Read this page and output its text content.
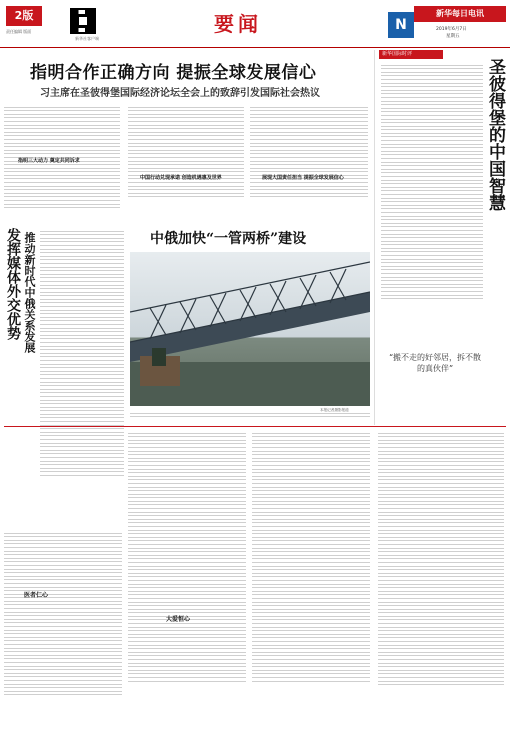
2版
责任编辑 版面
新华社客户端
要闻	N
新华每日电讯
2019年6月7日
星期五
指明合作正确方向 提振全球发展信心
习主席在圣彼得堡国际经济论坛全会上的致辞引发国际社会热议
新华国际时评
圣彼得堡的中国智慧
“搬不走的好邻居，拆不散的真伙伴”
发挥媒体外交优势 推动新时代中俄关系发展
指明三大动力 奠定共同诉求
中国行动兑现承诺 创造机遇惠及世界	展现大国责任担当 提振全球发展信心
中俄加快“一管两桥”建设
本报记者摄影报道
医者仁心
大爱恒心
